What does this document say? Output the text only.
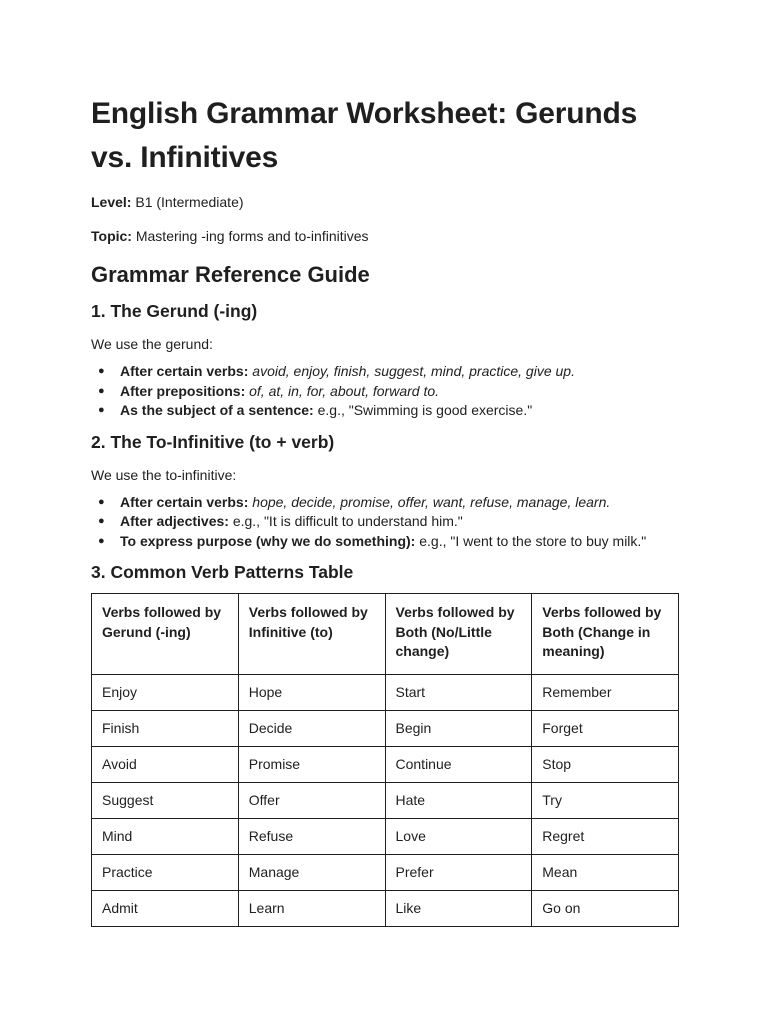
English Grammar Worksheet: Gerunds vs. Infinitives

Level: B1 (Intermediate)

Topic: Mastering -ing forms and to-infinitives

Grammar Reference Guide
1. The Gerund (-ing)

We use the gerund:

● After certain verbs: avoid, enjoy, finish, suggest, mind, practice, give up.
● After prepositions: of, at, in, for, about, forward to.
● As the subject of a sentence: e.g., "Swimming is good exercise."
2. The To-Infinitive (to + verb)

We use the to-infinitive:

● After certain verbs: hope, decide, promise, offer, want, refuse, manage, learn.
● After adjectives: e.g., "It is difficult to understand him."
● To express purpose (why we do something): e.g., "I went to the store to buy milk."
3. Common Verb Patterns Table
Verbs followed by Gerund (-ing)	Verbs followed by Infinitive (to)	Verbs followed by Both (No/Little change)	Verbs followed by Both (Change in meaning)
Enjoy	Hope	Start	Remember
Finish	Decide	Begin	Forget
Avoid	Promise	Continue	Stop
Suggest	Offer	Hate	Try
Mind	Refuse	Love	Regret
Practice	Manage	Prefer	Mean
Admit	Learn	Like	Go on
